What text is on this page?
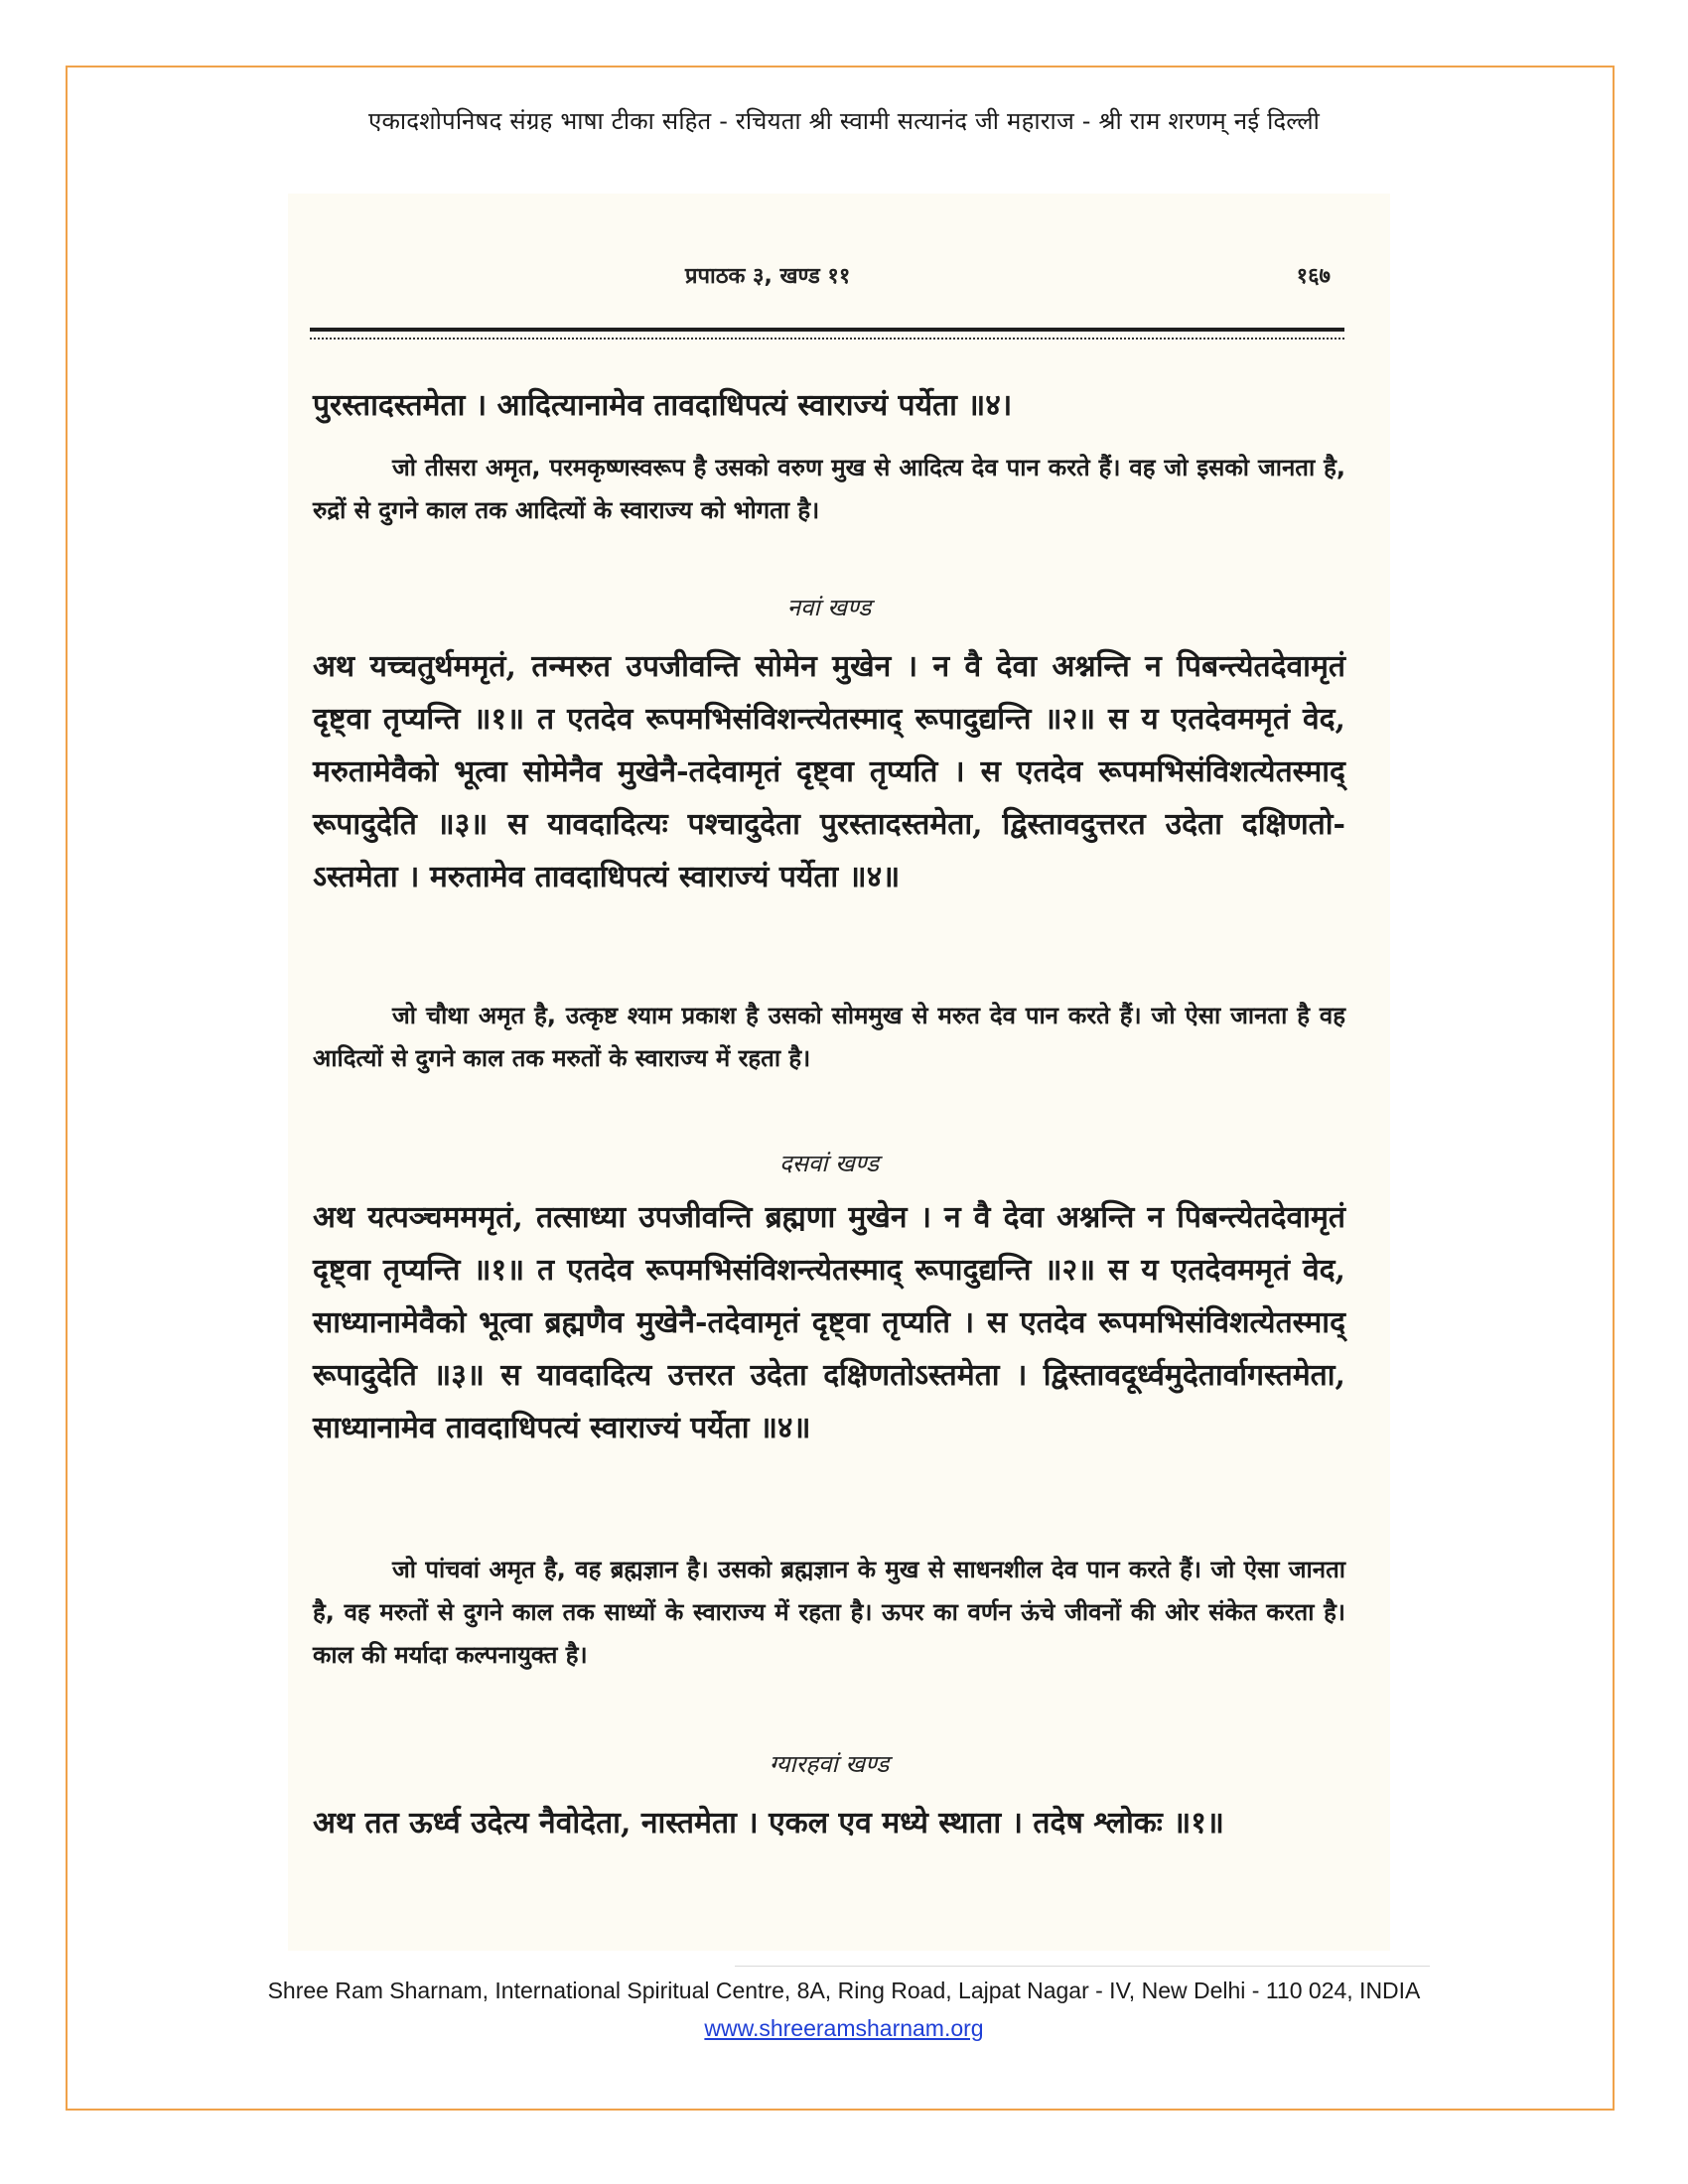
एकादशोपनिषद संग्रह भाषा टीका सहित - रचियता श्री स्वामी सत्यानंद जी महाराज - श्री राम शरणम् नई दिल्ली
प्रपाठक ३, खण्ड ११	१६७

पुरस्तादस्तमेता । आदित्यानामेव तावदाधिपत्यं स्वाराज्यं पर्येता ॥४।

जो तीसरा अमृत, परमकृष्णस्वरूप है उसको वरुण मुख से आदित्य देव पान करते हैं। वह जो इसको जानता है, रुद्रों से दुगने काल तक आदित्यों के स्वाराज्य को भोगता है।

नवां खण्ड

अथ यच्चतुर्थममृतं, तन्मरुत उपजीवन्ति सोमेन मुखेन । न वै देवा अश्नन्ति न पिबन्त्येतदेवामृतं दृष्ट्वा तृप्यन्ति ॥१॥ त एतदेव रूपमभिसंविशन्त्येतस्माद् रूपादुद्यन्ति ॥२॥ स य एतदेवममृतं वेद, मरुतामेवैको भूत्वा सोमेनैव मुखेनै-तदेवामृतं दृष्ट्वा तृप्यति । स एतदेव रूपमभिसंविशत्येतस्माद् रूपादुदेति ॥३॥ स यावदादित्यः पश्चादुदेता पुरस्तादस्तमेता, द्विस्तावदुत्तरत उदेता दक्षिणतो-ऽस्तमेता । मरुतामेव तावदाधिपत्यं स्वाराज्यं पर्येता ॥४॥

जो चौथा अमृत है, उत्कृष्ट श्याम प्रकाश है उसको सोममुख से मरुत देव पान करते हैं। जो ऐसा जानता है वह आदित्यों से दुगने काल तक मरुतों के स्वाराज्य में रहता है।

दसवां खण्ड

अथ यत्पञ्चमममृतं, तत्साध्या उपजीवन्ति ब्रह्मणा मुखेन । न वै देवा अश्नन्ति न पिबन्त्येतदेवामृतं दृष्ट्वा तृप्यन्ति ॥१॥ त एतदेव रूपमभिसंविशन्त्येतस्माद् रूपादुद्यन्ति ॥२॥ स य एतदेवममृतं वेद, साध्यानामेवैको भूत्वा ब्रह्मणैव मुखेनै-तदेवामृतं दृष्ट्वा तृप्यति । स एतदेव रूपमभिसंविशत्येतस्माद् रूपादुदेति ॥३॥ स यावदादित्य उत्तरत उदेता दक्षिणतोऽस्तमेता । द्विस्तावदूर्ध्वमुदेतार्वागस्तमेता, साध्यानामेव तावदाधिपत्यं स्वाराज्यं पर्येता ॥४॥

जो पांचवां अमृत है, वह ब्रह्मज्ञान है। उसको ब्रह्मज्ञान के मुख से साधनशील देव पान करते हैं। जो ऐसा जानता है, वह मरुतों से दुगने काल तक साध्यों के स्वाराज्य में रहता है। ऊपर का वर्णन ऊंचे जीवनों की ओर संकेत करता है। काल की मर्यादा कल्पनायुक्त है।

ग्यारहवां खण्ड

अथ तत ऊर्ध्व उदेत्य नैवोदेता, नास्तमेता । एकल एव मध्ये स्थाता । तदेष श्लोकः ॥१॥

Shree Ram Sharnam, International Spiritual Centre, 8A, Ring Road, Lajpat Nagar - IV, New Delhi - 110 024, INDIA
www.shreeramsharnam.org
